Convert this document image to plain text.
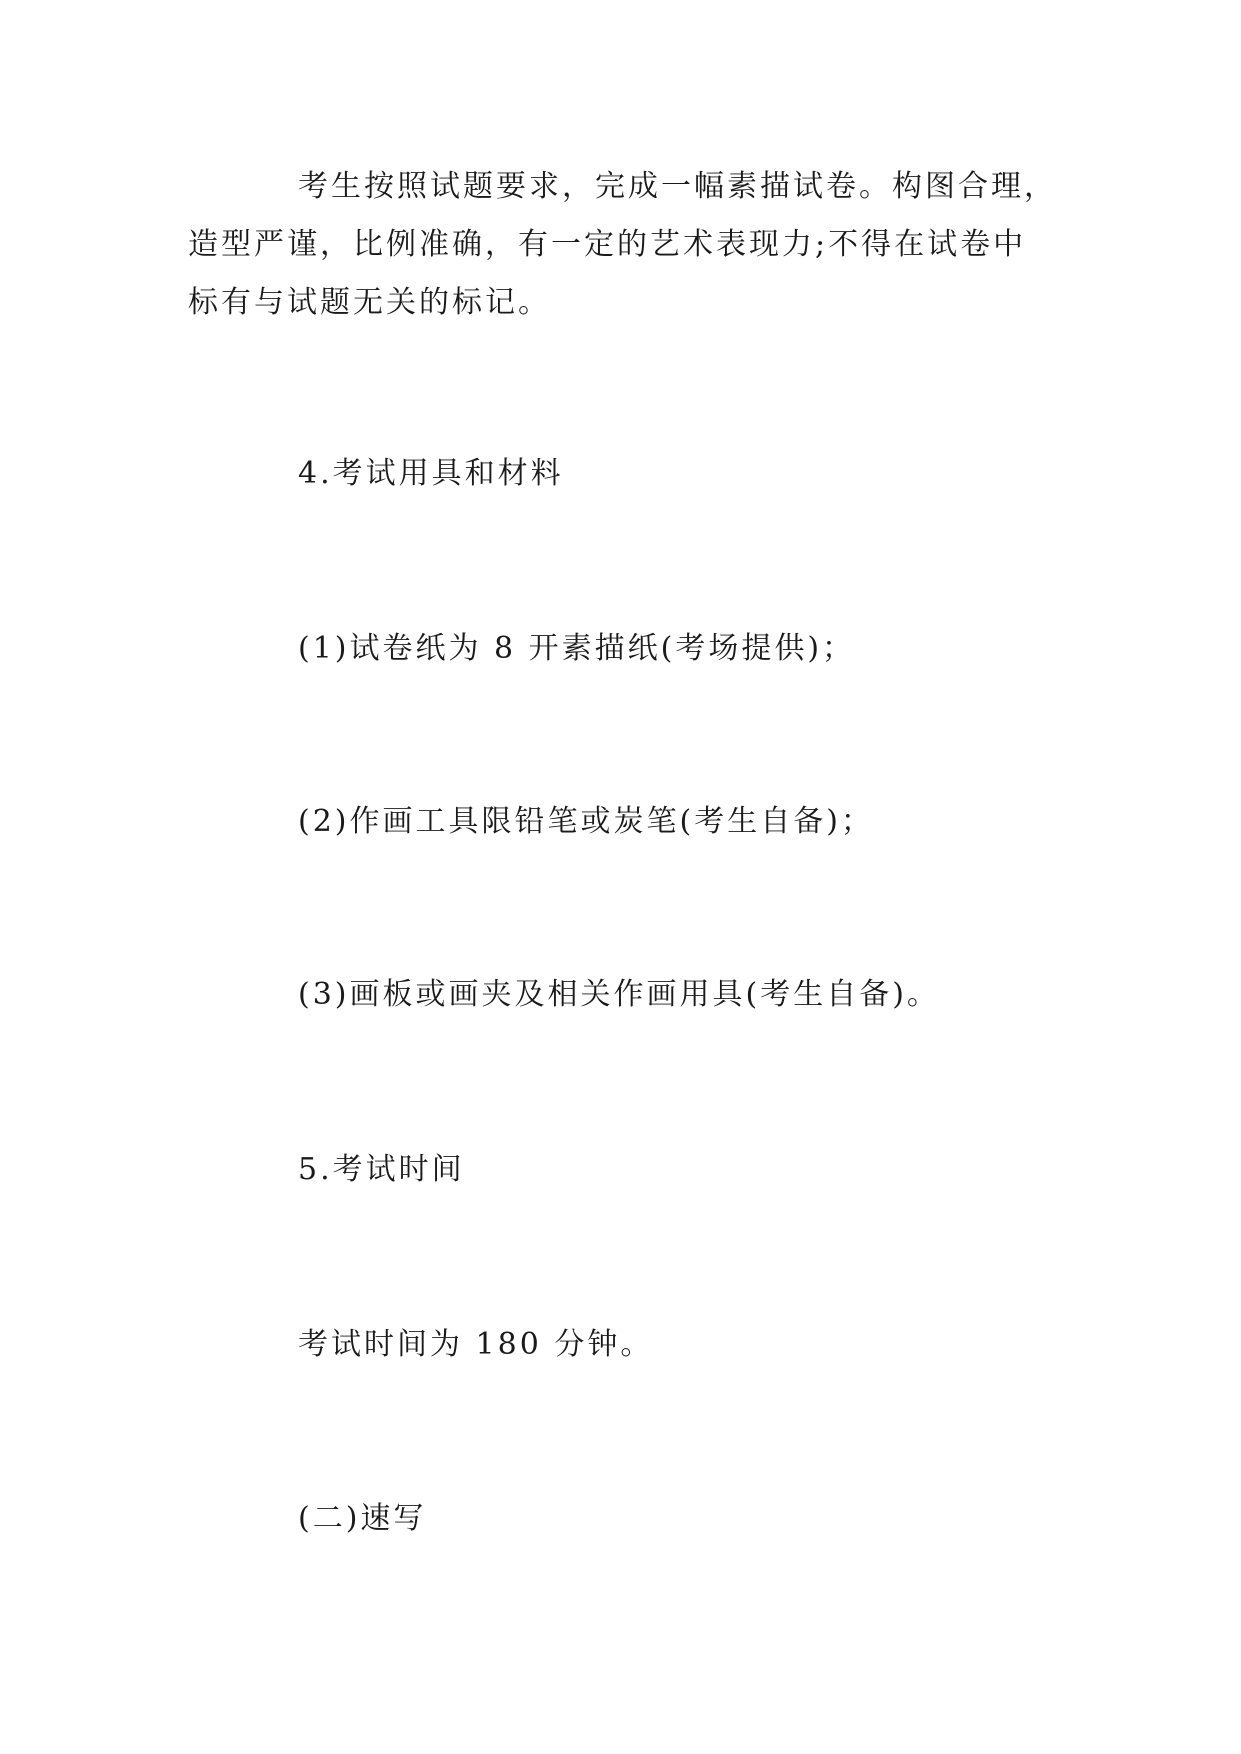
考生按照试题要求，完成一幅素描试卷。构图合理，
造型严谨，比例准确，有一定的艺术表现力;不得在试卷中
标有与试题无关的标记。

4.考试用具和材料

(1)试卷纸为 8 开素描纸(考场提供)；

(2)作画工具限铅笔或炭笔(考生自备)；

(3)画板或画夹及相关作画用具(考生自备)。

5.考试时间

考试时间为 180 分钟。

(二)速写
